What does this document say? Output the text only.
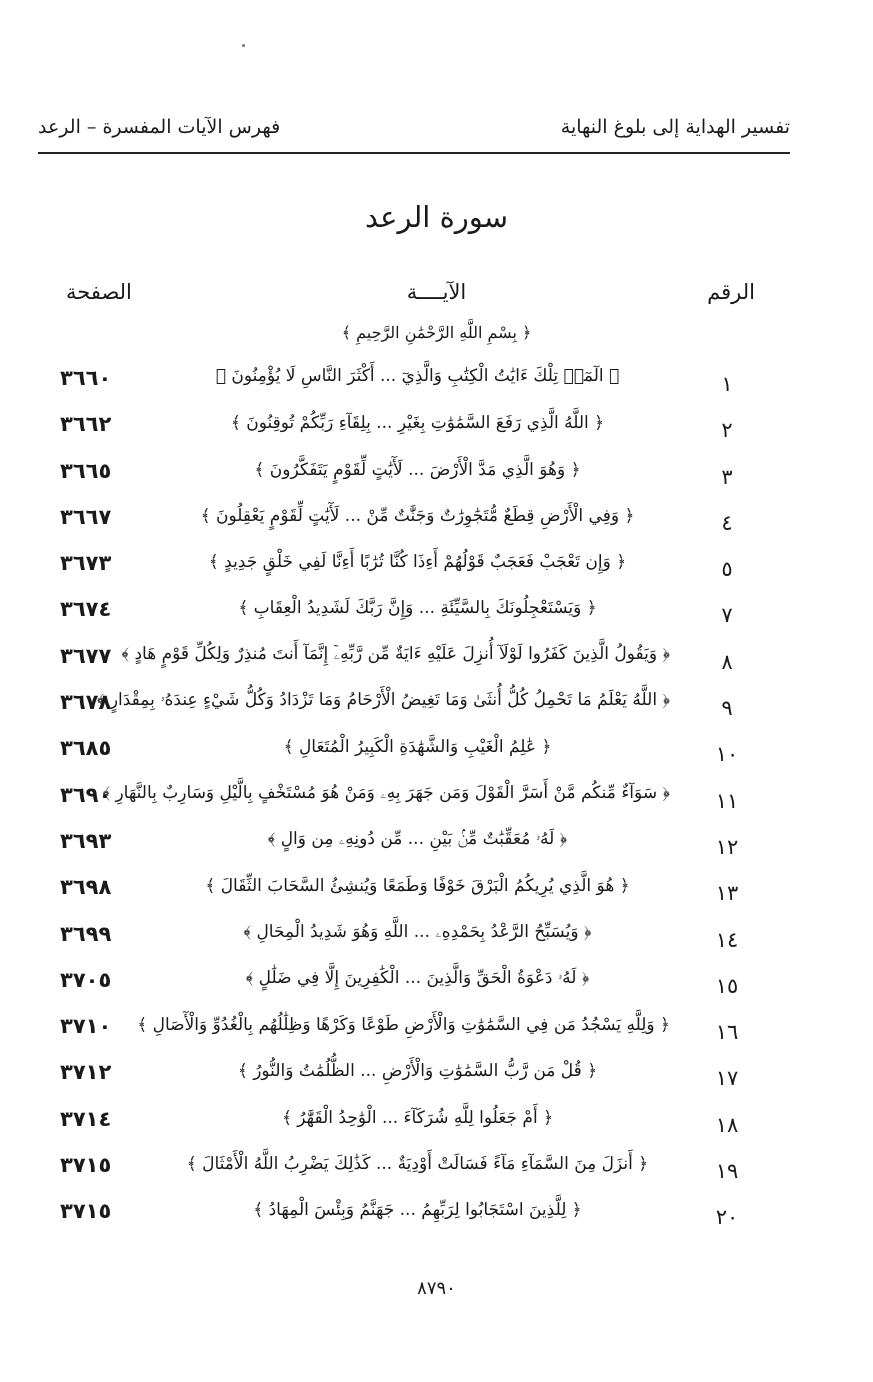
تفسير الهداية إلى بلوغ النهاية
فهرس الآيات المفسرة – الرعد
سورة الرعد
الرقم
الآيــــة
الصفحة
﴿ بِسْمِ اللَّهِ الرَّحْمَٰنِ الرَّحِيمِ ﴾
١
﴿ الٓمٓرۚ تِلْكَ ءَايَٰتُ الْكِتَٰبِ وَالَّذِيٓ ... أَكْثَرَ النَّاسِ لَا يُؤْمِنُونَ ﴾
٣٦٦٠
٢
﴿ اللَّهُ الَّذِي رَفَعَ السَّمَٰوَٰتِ بِغَيْرِ ... بِلِقَآءِ رَبِّكُمْ تُوقِنُونَ ﴾
٣٦٦٢
٣
﴿ وَهُوَ الَّذِي مَدَّ الْأَرْضَ ... لَأٓيَٰتٍ لِّقَوْمٍ يَتَفَكَّرُونَ ﴾
٣٦٦٥
٤
﴿ وَفِي الْأَرْضِ قِطَعٌ مُّتَجَٰوِرَٰتٌ وَجَنَّٰتٌ مِّنْ ... لَأٓيَٰتٍ لِّقَوْمٍ يَعْقِلُونَ ﴾
٣٦٦٧
٥
﴿ وَإِن تَعْجَبْ فَعَجَبٌ قَوْلُهُمْ أَءِذَا كُنَّا تُرَٰبًا أَءِنَّا لَفِي خَلْقٍ جَدِيدٍ ﴾
٣٦٧٣
٧
﴿ وَيَسْتَعْجِلُونَكَ بِالسَّيِّئَةِ ... وَإِنَّ رَبَّكَ لَشَدِيدُ الْعِقَابِ ﴾
٣٦٧٤
٨
﴿ وَيَقُولُ الَّذِينَ كَفَرُوا لَوْلَآ أُنزِلَ عَلَيْهِ ءَايَةٌ مِّن رَّبِّهِۦٓ إِنَّمَآ أَنتَ مُنذِرٌ وَلِكُلِّ قَوْمٍ هَادٍ ﴾
٣٦٧٧
٩
﴿ اللَّهُ يَعْلَمُ مَا تَحْمِلُ كُلُّ أُنثَىٰ وَمَا تَغِيضُ الْأَرْحَامُ وَمَا تَزْدَادُ وَكُلُّ شَيْءٍ عِندَهُۥ بِمِقْدَارٍ ﴾
٣٦٧٨
١٠
﴿ عَٰلِمُ الْغَيْبِ وَالشَّهَٰدَةِ الْكَبِيرُ الْمُتَعَالِ ﴾
٣٦٨٥
١١
﴿ سَوَآءٌ مِّنكُم مَّنْ أَسَرَّ الْقَوْلَ وَمَن جَهَرَ بِهِۦ وَمَنْ هُوَ مُسْتَخْفٍ بِالَّيْلِ وَسَارِبٌ بِالنَّهَارِ ﴾
٣٦٩٠
١٢
﴿ لَهُۥ مُعَقِّبَٰتٌ مِّنۢ بَيْنِ ... مِّن دُونِهِۦ مِن وَالٍ ﴾
٣٦٩٣
١٣
﴿ هُوَ الَّذِي يُرِيكُمُ الْبَرْقَ خَوْفًا وَطَمَعًا وَيُنشِئُ السَّحَابَ الثِّقَالَ ﴾
٣٦٩٨
١٤
﴿ وَيُسَبِّحُ الرَّعْدُ بِحَمْدِهِۦ ... اللَّهِ وَهُوَ شَدِيدُ الْمِحَالِ ﴾
٣٦٩٩
١٥
﴿ لَهُۥ دَعْوَةُ الْحَقِّ وَالَّذِينَ ... الْكَٰفِرِينَ إِلَّا فِي ضَلَٰلٍ ﴾
٣٧٠٥
١٦
﴿ وَلِلَّهِ يَسْجُدُ مَن فِي السَّمَٰوَٰتِ وَالْأَرْضِ طَوْعًا وَكَرْهًا وَظِلَٰلُهُم بِالْغُدُوِّ وَالْأٓصَالِ ﴾
٣٧١٠
١٧
﴿ قُلْ مَن رَّبُّ السَّمَٰوَٰتِ وَالْأَرْضِ ... الظُّلُمَٰتُ وَالنُّورُ ﴾
٣٧١٢
١٨
﴿ أَمْ جَعَلُوا لِلَّهِ شُرَكَآءَ ... الْوَٰحِدُ الْقَهَّٰرُ ﴾
٣٧١٤
١٩
﴿ أَنزَلَ مِنَ السَّمَآءِ مَآءً فَسَالَتْ أَوْدِيَةٌ ... كَذَٰلِكَ يَضْرِبُ اللَّهُ الْأَمْثَالَ ﴾
٣٧١٥
٢٠
﴿ لِلَّذِينَ اسْتَجَابُوا لِرَبِّهِمُ ... جَهَنَّمُ وَبِئْسَ الْمِهَادُ ﴾
٣٧١٥
٨٧٩٠
